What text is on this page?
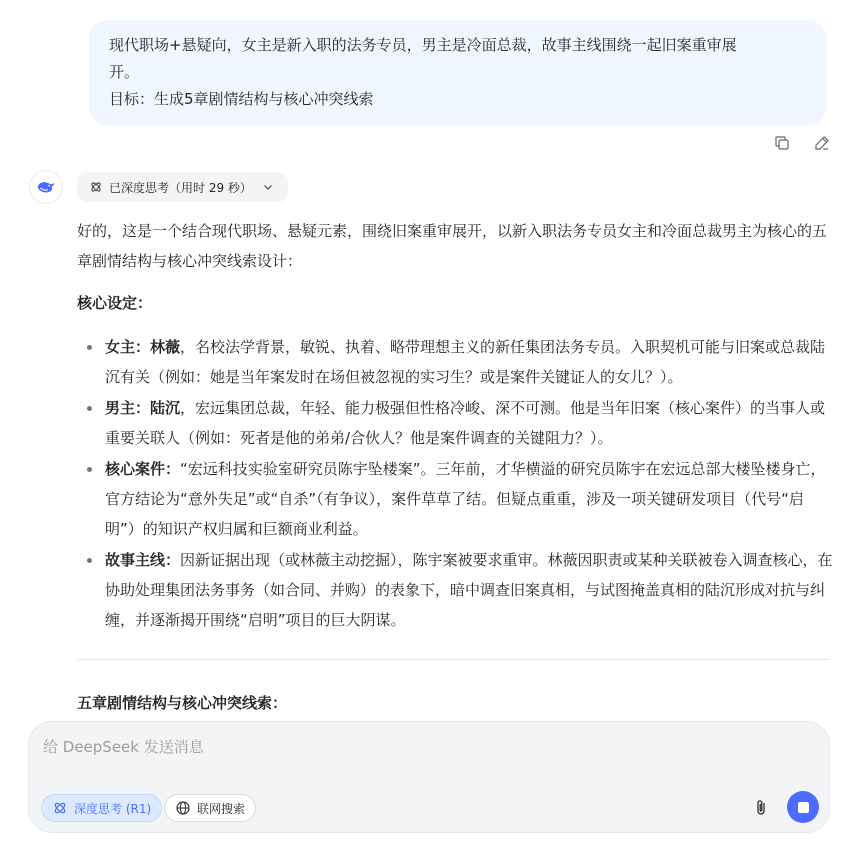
现代职场+悬疑向，女主是新入职的法务专员，男主是冷面总裁，故事主线围绕一起旧案重审展
开。
目标：生成5章剧情结构与核心冲突线索
已深度思考（用时 29 秒）

好的，这是一个结合现代职场、悬疑元素，围绕旧案重审展开，以新入职法务专员女主和冷面总裁男主为核心的五章剧情结构与核心冲突线索设计：

核心设定：

女主：林薇，名校法学背景，敏锐、执着、略带理想主义的新任集团法务专员。入职契机可能与旧案或总裁陆沉有关（例如：她是当年案发时在场但被忽视的实习生？或是案件关键证人的女儿？）。
男主：陆沉，宏远集团总裁，年轻、能力极强但性格冷峻、深不可测。他是当年旧案（核心案件）的当事人或重要关联人（例如：死者是他的弟弟/合伙人？他是案件调查的关键阻力？）。
核心案件：“宏远科技实验室研究员陈宇坠楼案”。三年前，才华横溢的研究员陈宇在宏远总部大楼坠楼身亡，官方结论为“意外失足”或“自杀”（有争议），案件草草了结。但疑点重重，涉及一项关键研发项目（代号“启明”）的知识产权归属和巨额商业利益。
故事主线：因新证据出现（或林薇主动挖掘），陈宇案被要求重审。林薇因职责或某种关联被卷入调查核心，在协助处理集团法务事务（如合同、并购）的表象下，暗中调查旧案真相，与试图掩盖真相的陆沉形成对抗与纠缠，并逐渐揭开围绕“启明”项目的巨大阴谋。
五章剧情结构与核心冲突线索：
给 DeepSeek 发送消息
深度思考 (R1)	联网搜索
